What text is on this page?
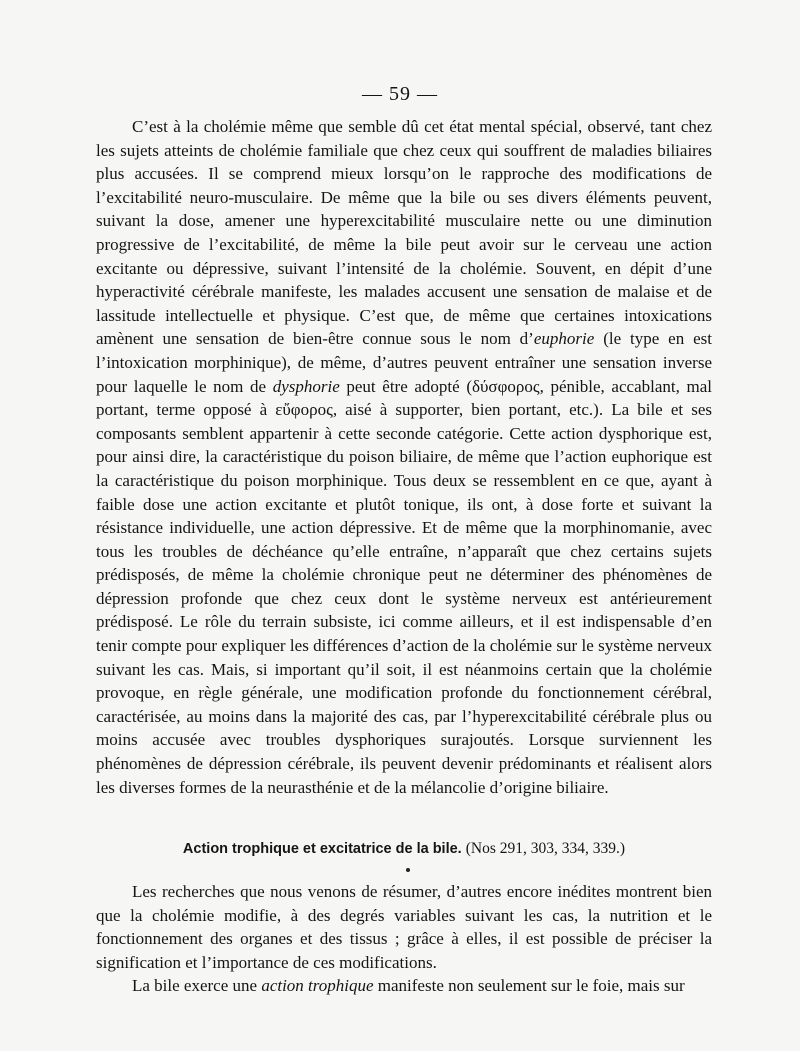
— 59 —

C’est à la cholémie même que semble dû cet état mental spécial, observé, tant chez les sujets atteints de cholémie familiale que chez ceux qui souffrent de maladies biliaires plus accusées. Il se comprend mieux lorsqu’on le rapproche des modifications de l’excitabilité neuro-musculaire. De même que la bile ou ses divers éléments peuvent, suivant la dose, amener une hyperexcitabilité musculaire nette ou une diminution progressive de l’excitabilité, de même la bile peut avoir sur le cerveau une action excitante ou dépressive, suivant l’intensité de la cholémie. Souvent, en dépit d’une hyperactivité cérébrale manifeste, les malades accusent une sensation de malaise et de lassitude intellectuelle et physique. C’est que, de même que certaines intoxications amènent une sensation de bien-être connue sous le nom d’euphorie (le type en est l’intoxication morphinique), de même, d’autres peuvent entraîner une sensation inverse pour laquelle le nom de dysphorie peut être adopté (δύσφορος, pénible, accablant, mal portant, terme opposé à εὔφορος, aisé à supporter, bien portant, etc.). La bile et ses composants semblent appartenir à cette seconde catégorie. Cette action dysphorique est, pour ainsi dire, la caractéristique du poison biliaire, de même que l’action euphorique est la caractéristique du poison morphinique. Tous deux se ressemblent en ce que, ayant à faible dose une action excitante et plutôt tonique, ils ont, à dose forte et suivant la résistance individuelle, une action dépressive. Et de même que la morphinomanie, avec tous les troubles de déchéance qu’elle entraîne, n’apparaît que chez certains sujets prédisposés, de même la cholémie chronique peut ne déterminer des phénomènes de dépression profonde que chez ceux dont le système nerveux est antérieurement prédisposé. Le rôle du terrain subsiste, ici comme ailleurs, et il est indispensable d’en tenir compte pour expliquer les différences d’action de la cholémie sur le système nerveux suivant les cas. Mais, si important qu’il soit, il est néanmoins certain que la cholémie provoque, en règle générale, une modification profonde du fonctionnement cérébral, caractérisée, au moins dans la majorité des cas, par l’hyperexcitabilité cérébrale plus ou moins accusée avec troubles dysphoriques surajoutés. Lorsque surviennent les phénomènes de dépression cérébrale, ils peuvent devenir prédominants et réalisent alors les diverses formes de la neurasthénie et de la mélancolie d’origine biliaire.

Action trophique et excitatrice de la bile. (Nos 291, 303, 334, 339.)

Les recherches que nous venons de résumer, d’autres encore inédites montrent bien que la cholémie modifie, à des degrés variables suivant les cas, la nutrition et le fonctionnement des organes et des tissus ; grâce à elles, il est possible de préciser la signification et l’importance de ces modifications.

La bile exerce une action trophique manifeste non seulement sur le foie, mais sur
